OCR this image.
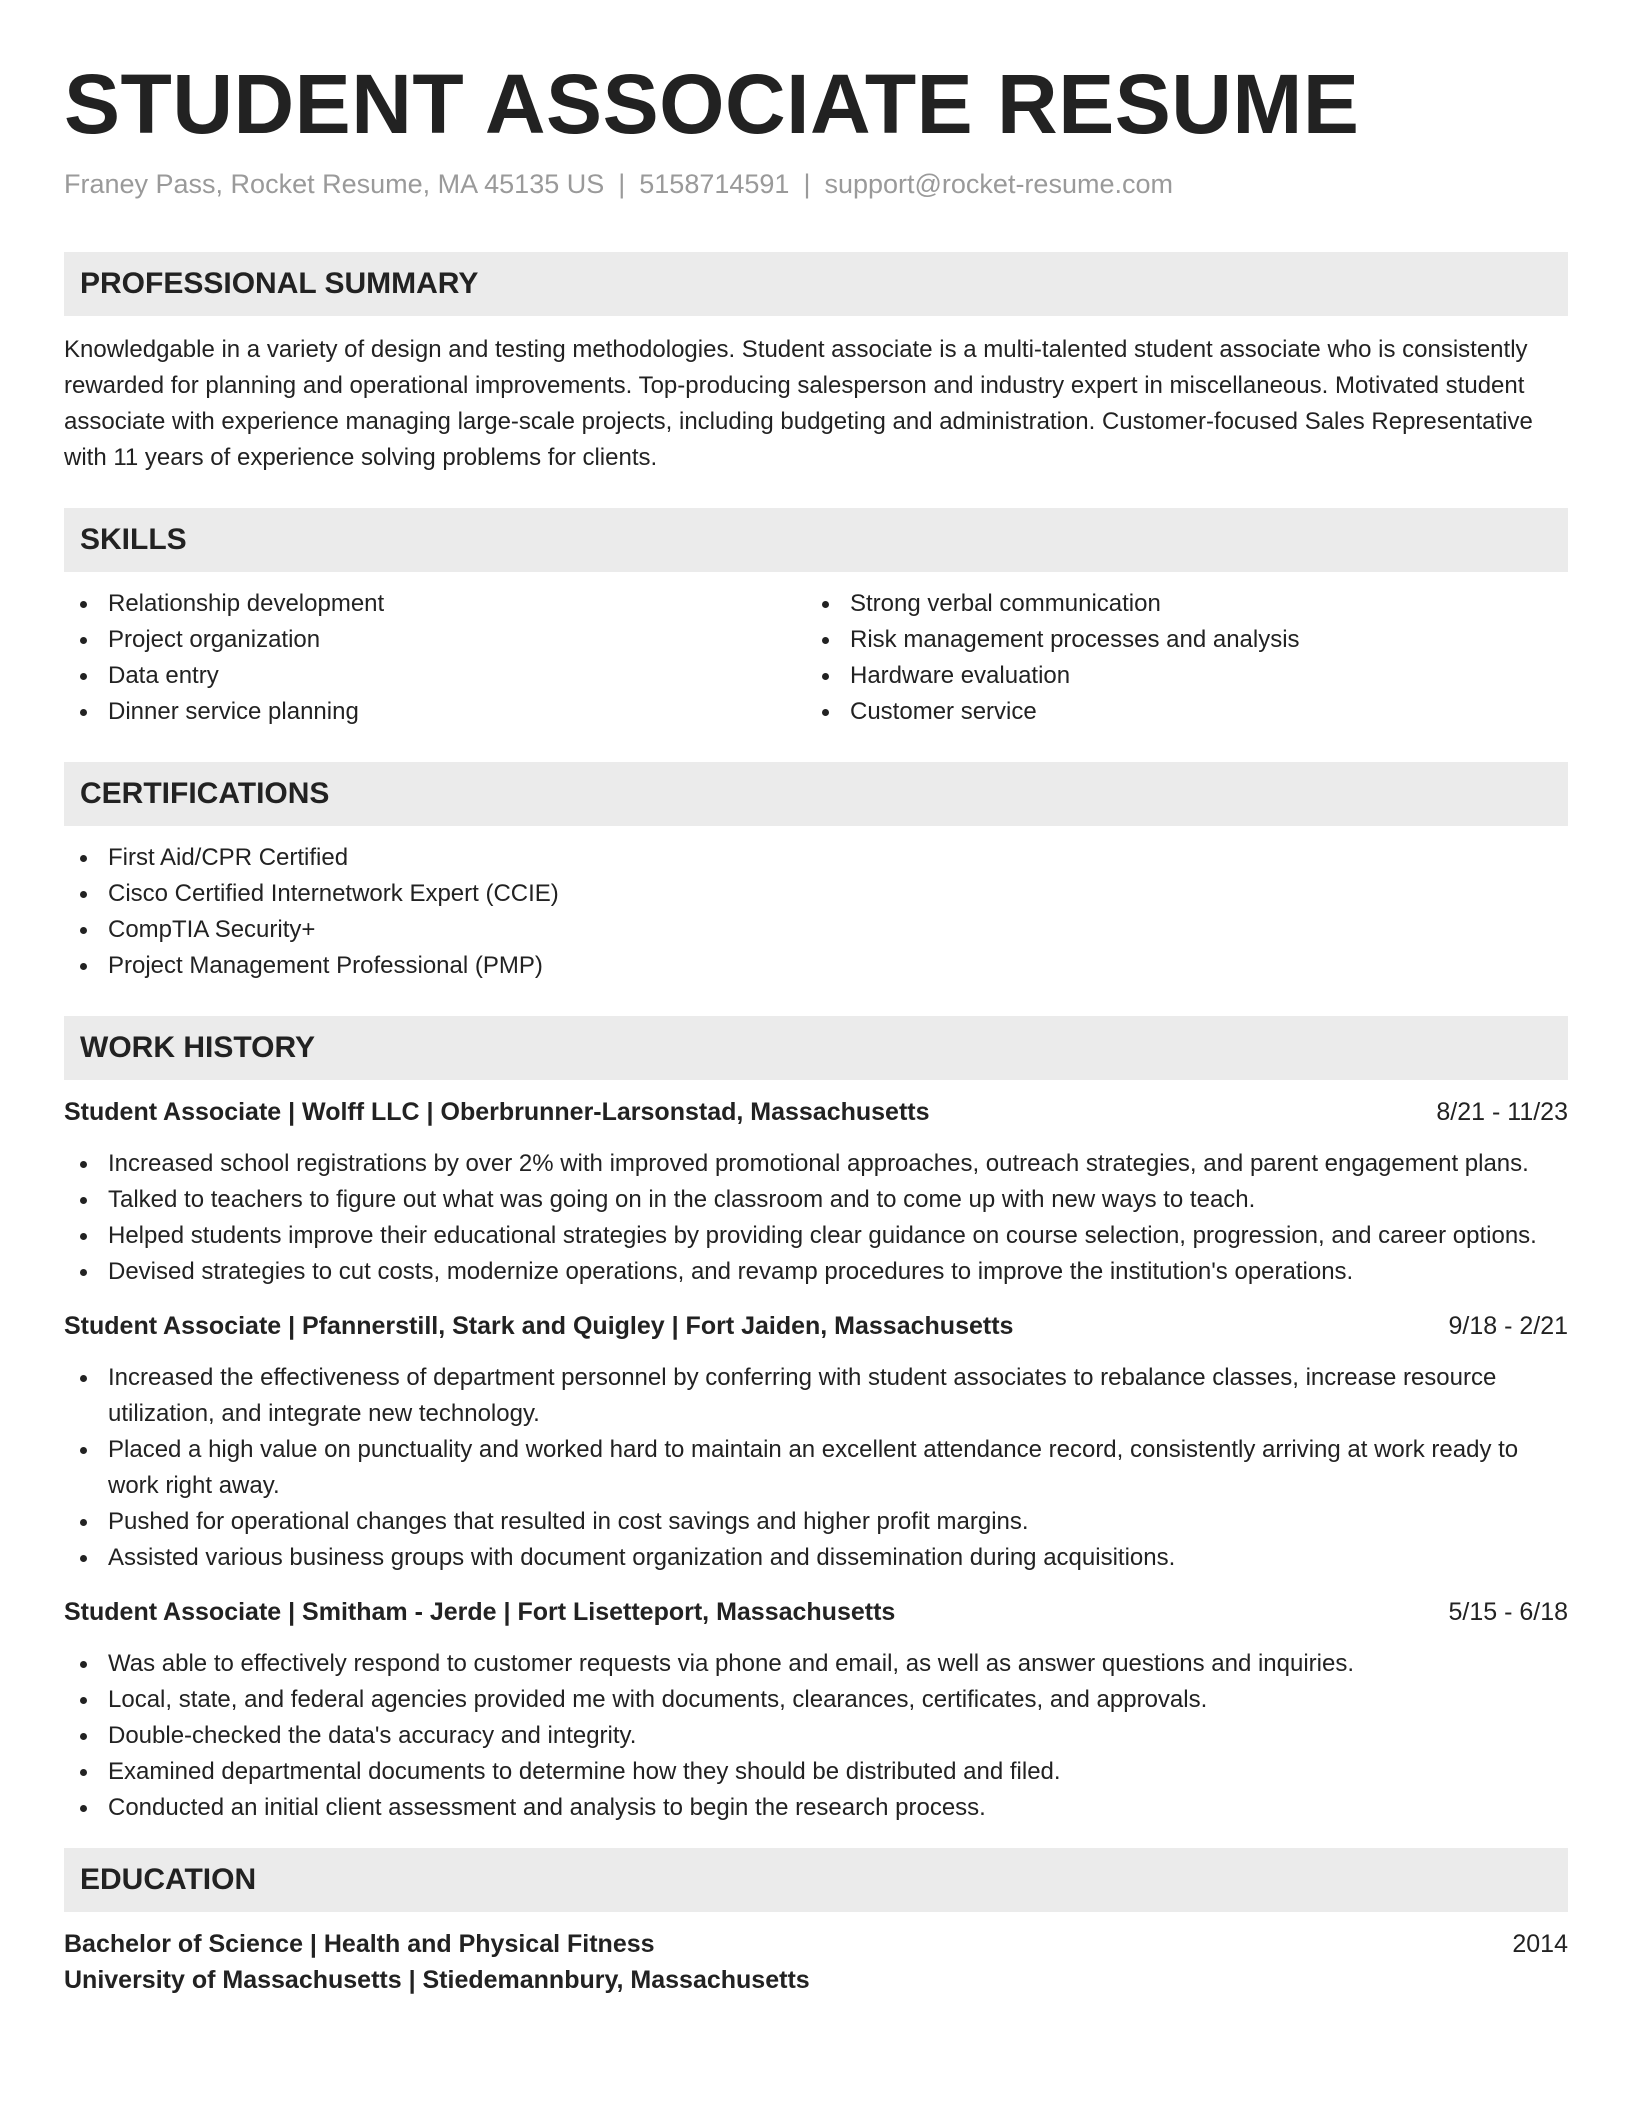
STUDENT ASSOCIATE RESUME
Franey Pass, Rocket Resume, MA 45135 US | 5158714591 | support@rocket-resume.com
PROFESSIONAL SUMMARY

Knowledgable in a variety of design and testing methodologies. Student associate is a multi-talented student associate who is consistently rewarded for planning and operational improvements. Top-producing salesperson and industry expert in miscellaneous. Motivated student associate with experience managing large-scale projects, including budgeting and administration. Customer-focused Sales Representative with 11 years of experience solving problems for clients.

SKILLS
Relationship development
Project organization
Data entry
Dinner service planning
Strong verbal communication
Risk management processes and analysis
Hardware evaluation
Customer service
CERTIFICATIONS
First Aid/CPR Certified
Cisco Certified Internetwork Expert (CCIE)
CompTIA Security+
Project Management Professional (PMP)
WORK HISTORY
Student Associate | Wolff LLC | Oberbrunner-Larsonstad, Massachusetts	8/21 - 11/23
Increased school registrations by over 2% with improved promotional approaches, outreach strategies, and parent engagement plans.
Talked to teachers to figure out what was going on in the classroom and to come up with new ways to teach.
Helped students improve their educational strategies by providing clear guidance on course selection, progression, and career options.
Devised strategies to cut costs, modernize operations, and revamp procedures to improve the institution's operations.
Student Associate | Pfannerstill, Stark and Quigley | Fort Jaiden, Massachusetts	9/18 - 2/21
Increased the effectiveness of department personnel by conferring with student associates to rebalance classes, increase resource utilization, and integrate new technology.
Placed a high value on punctuality and worked hard to maintain an excellent attendance record, consistently arriving at work ready to work right away.
Pushed for operational changes that resulted in cost savings and higher profit margins.
Assisted various business groups with document organization and dissemination during acquisitions.
Student Associate | Smitham - Jerde | Fort Lisetteport, Massachusetts	5/15 - 6/18
Was able to effectively respond to customer requests via phone and email, as well as answer questions and inquiries.
Local, state, and federal agencies provided me with documents, clearances, certificates, and approvals.
Double-checked the data's accuracy and integrity.
Examined departmental documents to determine how they should be distributed and filed.
Conducted an initial client assessment and analysis to begin the research process.
EDUCATION
Bachelor of Science | Health and Physical Fitness	2014
University of Massachusetts | Stiedemannbury, Massachusetts
